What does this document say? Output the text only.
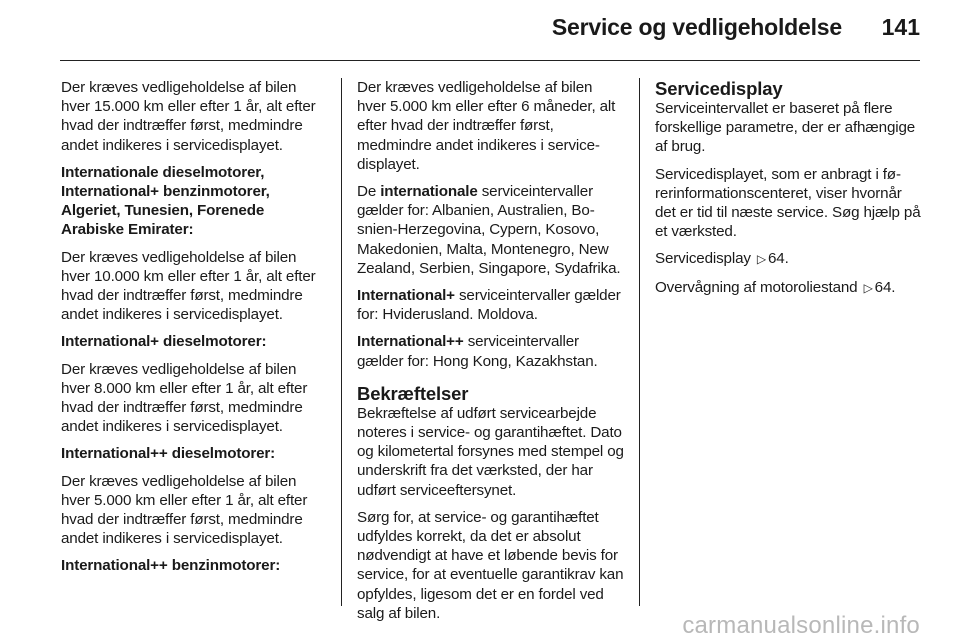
Service og vedligeholdelse 141

Der kræves vedligeholdelse af bilen hver 15.000 km eller efter 1 år, alt efter hvad der indtræffer først, medmindre andet indikeres i servicedisplayet.

Internationale dieselmotorer, International+ benzinmotorer, Algeriet, Tunesien, Forenede Arabiske Emirater:

Der kræves vedligeholdelse af bilen hver 10.000 km eller efter 1 år, alt efter hvad der indtræffer først, medmindre andet indikeres i servicedisplayet.

International+ dieselmotorer:

Der kræves vedligeholdelse af bilen hver 8.000 km eller efter 1 år, alt efter hvad der indtræffer først, medmindre andet indikeres i servicedisplayet.

International++ dieselmotorer:

Der kræves vedligeholdelse af bilen hver 5.000 km eller efter 1 år, alt efter hvad der indtræffer først, medmindre andet indikeres i servicedisplayet.

International++ benzinmotorer:

Der kræves vedligeholdelse af bilen hver 5.000 km eller efter 6 måneder, alt efter hvad der indtræffer først, medmindre andet indikeres i servicedisplayet.

De internationale serviceintervaller gælder for: Albanien, Australien, Bosnien-Herzegovina, Cypern, Kosovo, Makedonien, Malta, Montenegro, New Zealand, Serbien, Singapore, Sydafrika.

International+ serviceintervaller gælder for: Hviderusland. Moldova.

International++ serviceintervaller gælder for: Hong Kong, Kazakhstan.

Bekræftelser

Bekræftelse af udført servicearbejde noteres i service- og garantihæftet. Dato og kilometertal forsynes med stempel og underskrift fra det værksted, der har udført serviceeftersynet.

Sørg for, at service- og garantihæftet udfyldes korrekt, da det er absolut nødvendigt at have et løbende bevis for service, for at eventuelle garantikrav kan opfyldes, ligesom det er en fordel ved salg af bilen.

Servicedisplay

Serviceintervallet er baseret på flere forskellige parametre, der er afhængige af brug.

Servicedisplayet, som er anbragt i førerinformationscenteret, viser hvornår det er tid til næste service. Søg hjælp på et værksted.

Servicedisplay ▷ 64.

Overvågning af motoroliestand ▷ 64.

carmanualsonline.info
